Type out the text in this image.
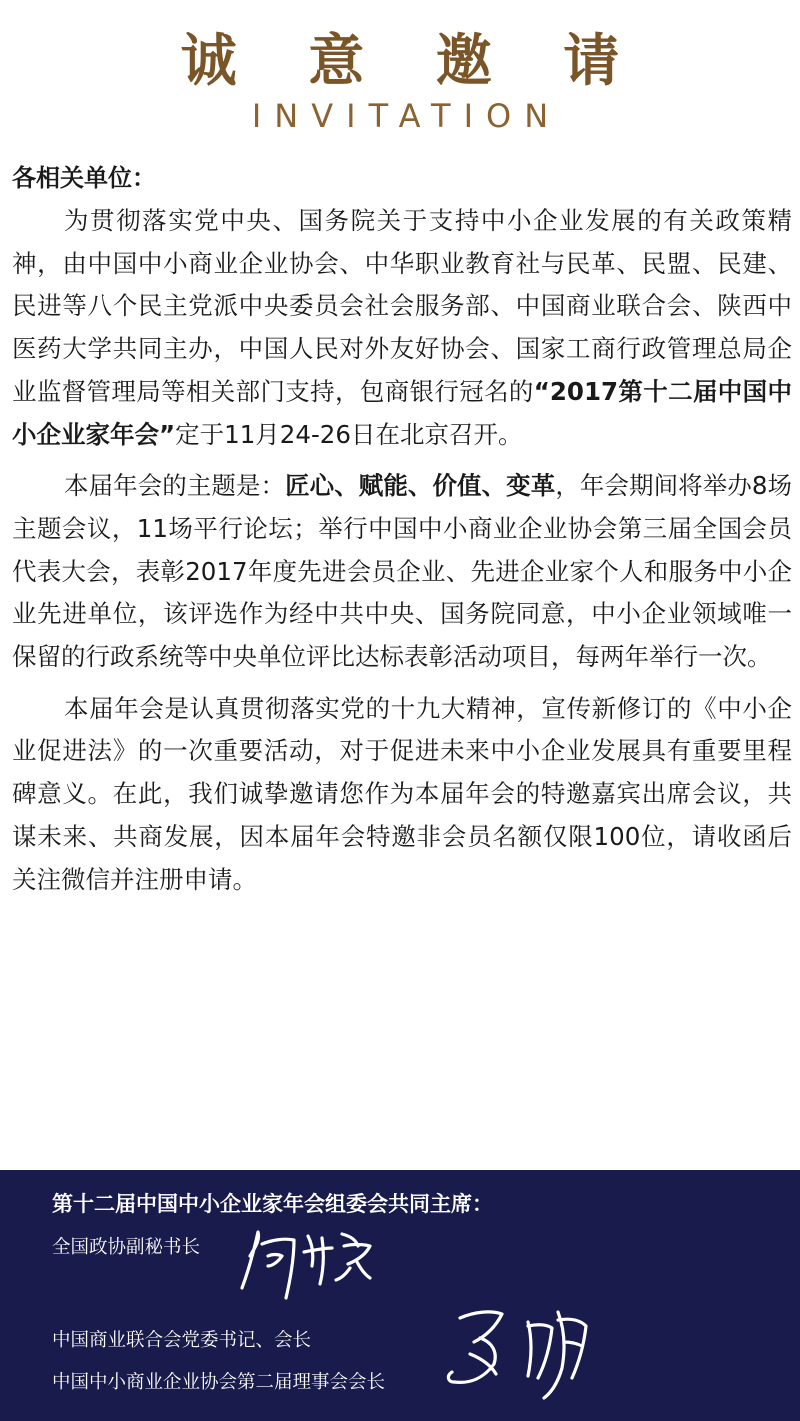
诚 意 邀 请
INVITATION

各相关单位：

为贯彻落实党中央、国务院关于支持中小企业发展的有关政策精神，由中国中小商业企业协会、中华职业教育社与民革、民盟、民建、民进等八个民主党派中央委员会社会服务部、中国商业联合会、陕西中医药大学共同主办，中国人民对外友好协会、国家工商行政管理总局企业监督管理局等相关部门支持，包商银行冠名的“2017第十二届中国中小企业家年会”定于11月24-26日在北京召开。

本届年会的主题是：匠心、赋能、价值、变革，年会期间将举办8场主题会议，11场平行论坛；举行中国中小商业企业协会第三届全国会员代表大会，表彰2017年度先进会员企业、先进企业家个人和服务中小企业先进单位，该评选作为经中共中央、国务院同意，中小企业领域唯一保留的行政系统等中央单位评比达标表彰活动项目，每两年举行一次。

本届年会是认真贯彻落实党的十九大精神，宣传新修订的《中小企业促进法》的一次重要活动，对于促进未来中小企业发展具有重要里程碑意义。在此，我们诚挚邀请您作为本届年会的特邀嘉宾出席会议，共谋未来、共商发展，因本届年会特邀非会员名额仅限100位，请收函后关注微信并注册申请。

第十二届中国中小企业家年会组委会共同主席：
全国政协副秘书长
中国商业联合会党委书记、会长
中国中小商业企业协会第二届理事会会长
